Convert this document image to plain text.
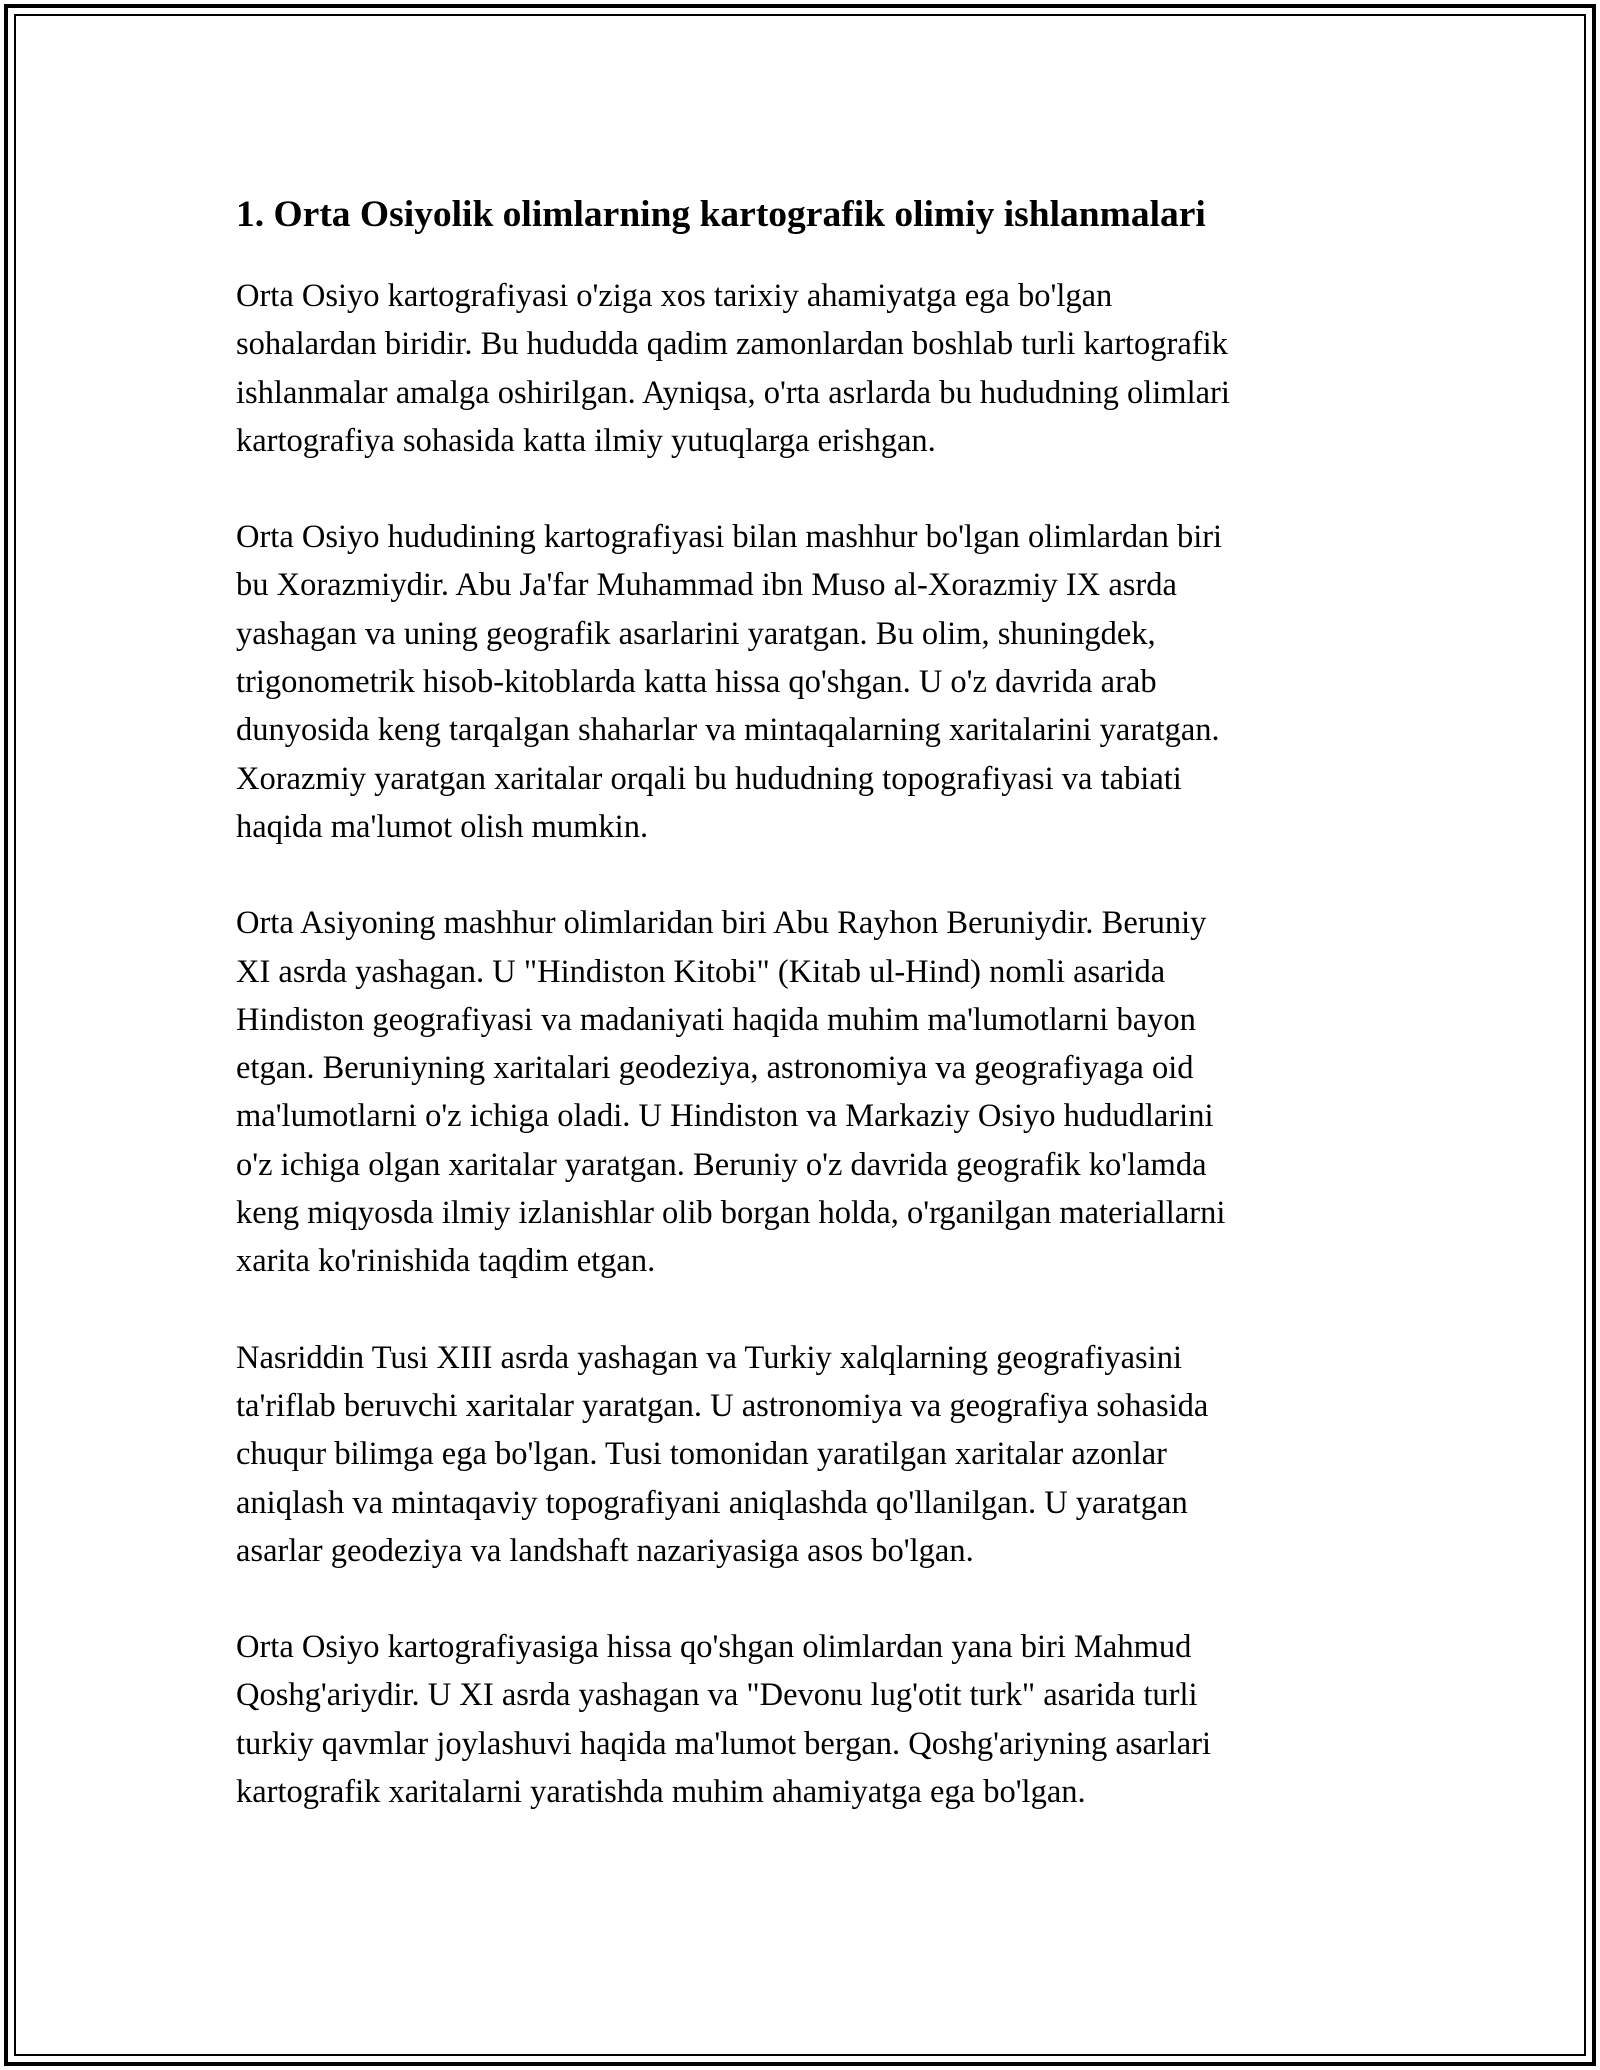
1. Orta Osiyolik olimlarning kartografik olimiy ishlanmalari

Orta Osiyo kartografiyasi o'ziga xos tarixiy ahamiyatga ega bo'lgan
sohalardan biridir. Bu hududda qadim zamonlardan boshlab turli kartografik
ishlanmalar amalga oshirilgan. Ayniqsa, o'rta asrlarda bu hududning olimlari
kartografiya sohasida katta ilmiy yutuqlarga erishgan.

Orta Osiyo hududining kartografiyasi bilan mashhur bo'lgan olimlardan biri
bu Xorazmiydir. Abu Ja'far Muhammad ibn Muso al-Xorazmiy IX asrda
yashagan va uning geografik asarlarini yaratgan. Bu olim, shuningdek,
trigonometrik hisob-kitoblarda katta hissa qo'shgan. U o'z davrida arab
dunyosida keng tarqalgan shaharlar va mintaqalarning xaritalarini yaratgan.
Xorazmiy yaratgan xaritalar orqali bu hududning topografiyasi va tabiati
haqida ma'lumot olish mumkin.

Orta Asiyoning mashhur olimlaridan biri Abu Rayhon Beruniydir. Beruniy
XI asrda yashagan. U "Hindiston Kitobi" (Kitab ul-Hind) nomli asarida
Hindiston geografiyasi va madaniyati haqida muhim ma'lumotlarni bayon
etgan. Beruniyning xaritalari geodeziya, astronomiya va geografiyaga oid
ma'lumotlarni o'z ichiga oladi. U Hindiston va Markaziy Osiyo hududlarini
o'z ichiga olgan xaritalar yaratgan. Beruniy o'z davrida geografik ko'lamda
keng miqyosda ilmiy izlanishlar olib borgan holda, o'rganilgan materiallarni
xarita ko'rinishida taqdim etgan.

Nasriddin Tusi XIII asrda yashagan va Turkiy xalqlarning geografiyasini
ta'riflab beruvchi xaritalar yaratgan. U astronomiya va geografiya sohasida
chuqur bilimga ega bo'lgan. Tusi tomonidan yaratilgan xaritalar azonlar
aniqlash va mintaqaviy topografiyani aniqlashda qo'llanilgan. U yaratgan
asarlar geodeziya va landshaft nazariyasiga asos bo'lgan.

Orta Osiyo kartografiyasiga hissa qo'shgan olimlardan yana biri Mahmud
Qoshg'ariydir. U XI asrda yashagan va "Devonu lug'otit turk" asarida turli
turkiy qavmlar joylashuvi haqida ma'lumot bergan. Qoshg'ariyning asarlari
kartografik xaritalarni yaratishda muhim ahamiyatga ega bo'lgan.
